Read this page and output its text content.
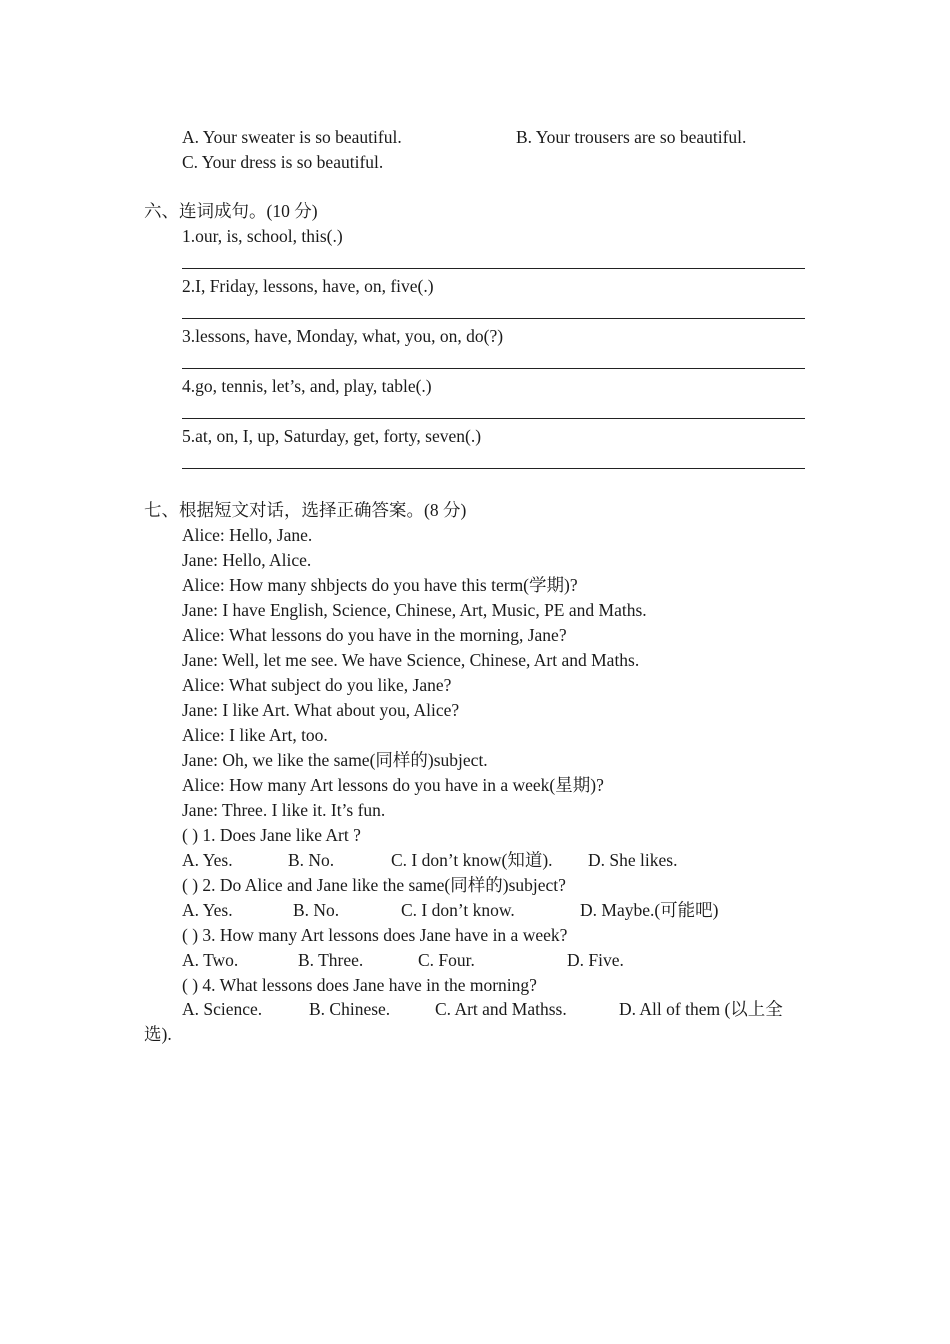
A. Your sweater is so beautiful.	B. Your trousers are so beautiful.
C. Your dress is so beautiful.
六、连词成句。(10 分)
1.our, is, school, this(.)
2.I, Friday, lessons, have, on, five(.)
3.lessons, have, Monday, what, you, on, do(?)
4.go, tennis, let’s, and, play, table(.)
5.at, on, I, up, Saturday, get, forty, seven(.)
七、根据短文对话，选择正确答案。(8 分)
Alice: Hello, Jane.
Jane: Hello, Alice.
Alice: How many shbjects do you have this term(学期)?
Jane: I have English, Science, Chinese, Art, Music, PE and Maths.
Alice: What lessons do you have in the morning, Jane?
Jane: Well, let me see. We have Science, Chinese, Art and Maths.
Alice: What subject do you like, Jane?
Jane: I like Art. What about you, Alice?
Alice: I like Art, too.
Jane: Oh, we like the same(同样的)subject.
Alice: How many Art lessons do you have in a week(星期)?
Jane: Three. I like it. It’s fun.
( ) 1. Does Jane like Art ?
A. Yes.	B. No.	C. I don’t know(知道). D. She likes.
( ) 2. Do Alice and Jane like the same(同样的)subject?
A. Yes.	B. No.	C. I don’t know.	D. Maybe.(可能吧)
( ) 3. How many Art lessons does Jane have in a week?
A. Two.	B. Three.	C. Four.	D. Five.
( ) 4. What lessons does Jane have in the morning?
A. Science.	B. Chinese.	C. Art and Mathss.	D. All of them (以上全
选).
